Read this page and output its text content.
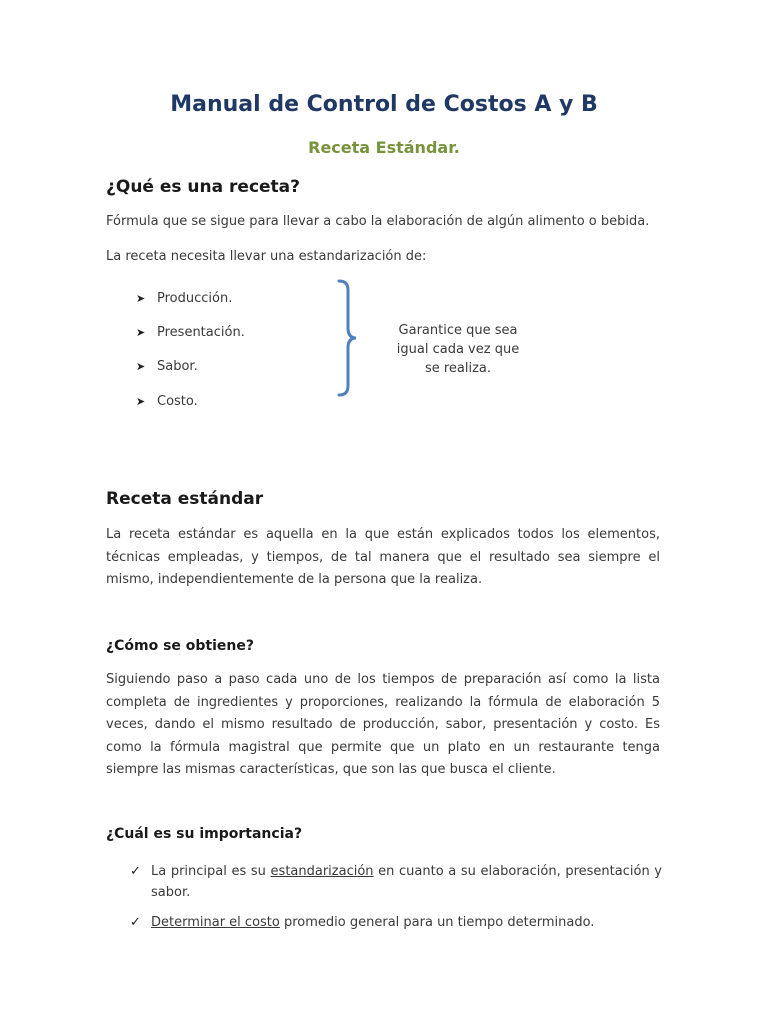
Manual de Control de Costos A y B
Receta Estándar.
¿Qué es una receta?
Fórmula que se sigue para llevar a cabo la elaboración de algún alimento o bebida.
La receta necesita llevar una estandarización de:
➤ Producción.
➤ Presentación.
➤ Sabor.
➤ Costo.
Garantice que sea igual cada vez que se realiza.
Receta estándar
La receta estándar es aquella en la que están explicados todos los elementos, técnicas empleadas, y tiempos, de tal manera que el resultado sea siempre el mismo, independientemente de la persona que la realiza.
¿Cómo se obtiene?
Siguiendo paso a paso cada uno de los tiempos de preparación así como la lista completa de ingredientes y proporciones, realizando la fórmula de elaboración 5 veces, dando el mismo resultado de producción, sabor, presentación y costo. Es como la fórmula magistral que permite que un plato en un restaurante tenga siempre las mismas características, que son las que busca el cliente.
¿Cuál es su importancia?
✓ La principal es su estandarización en cuanto a su elaboración, presentación y sabor.
✓ Determinar el costo promedio general para un tiempo determinado.
